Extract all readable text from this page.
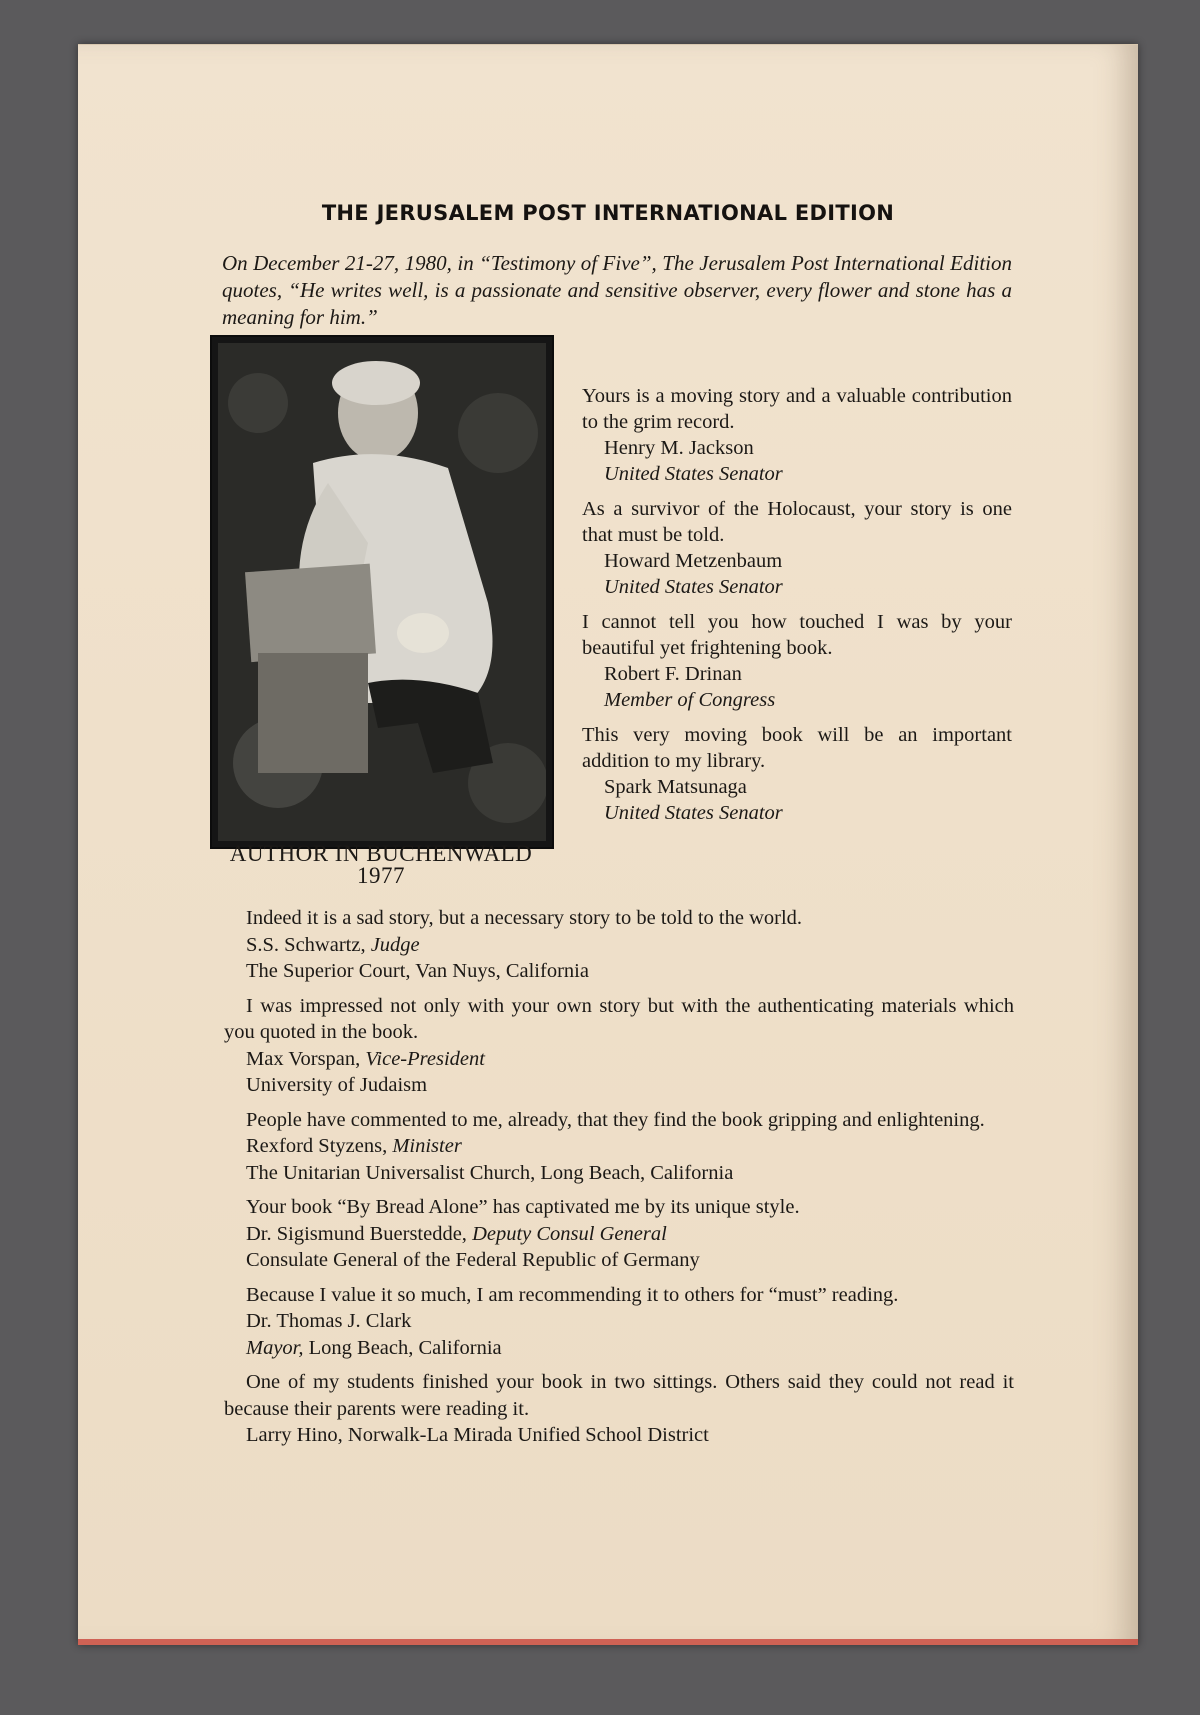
THE JERUSALEM POST INTERNATIONAL EDITION
On December 21-27, 1980, in “Testimony of Five”, The Jerusalem Post International Edition quotes, “He writes well, is a passionate and sensitive observer, every flower and stone has a meaning for him.”
AUTHOR IN BUCHENWALD
1977
Yours is a moving story and a valuable contribution to the grim record.
Henry M. Jackson
United States Senator
As a survivor of the Holocaust, your story is one that must be told.
Howard Metzenbaum
United States Senator
I cannot tell you how touched I was by your beautiful yet frightening book.
Robert F. Drinan
Member of Congress
This very moving book will be an important addition to my library.
Spark Matsunaga
United States Senator
Indeed it is a sad story, but a necessary story to be told to the world.
S.S. Schwartz, Judge
The Superior Court, Van Nuys, California
I was impressed not only with your own story but with the authenticating materials which you quoted in the book.
Max Vorspan, Vice-President
University of Judaism
People have commented to me, already, that they find the book gripping and enlightening.
Rexford Styzens, Minister
The Unitarian Universalist Church, Long Beach, California
Your book “By Bread Alone” has captivated me by its unique style.
Dr. Sigismund Buerstedde, Deputy Consul General
Consulate General of the Federal Republic of Germany
Because I value it so much, I am recommending it to others for “must” reading.
Dr. Thomas J. Clark
Mayor, Long Beach, California
One of my students finished your book in two sittings. Others said they could not read it because their parents were reading it.
Larry Hino, Norwalk-La Mirada Unified School District
